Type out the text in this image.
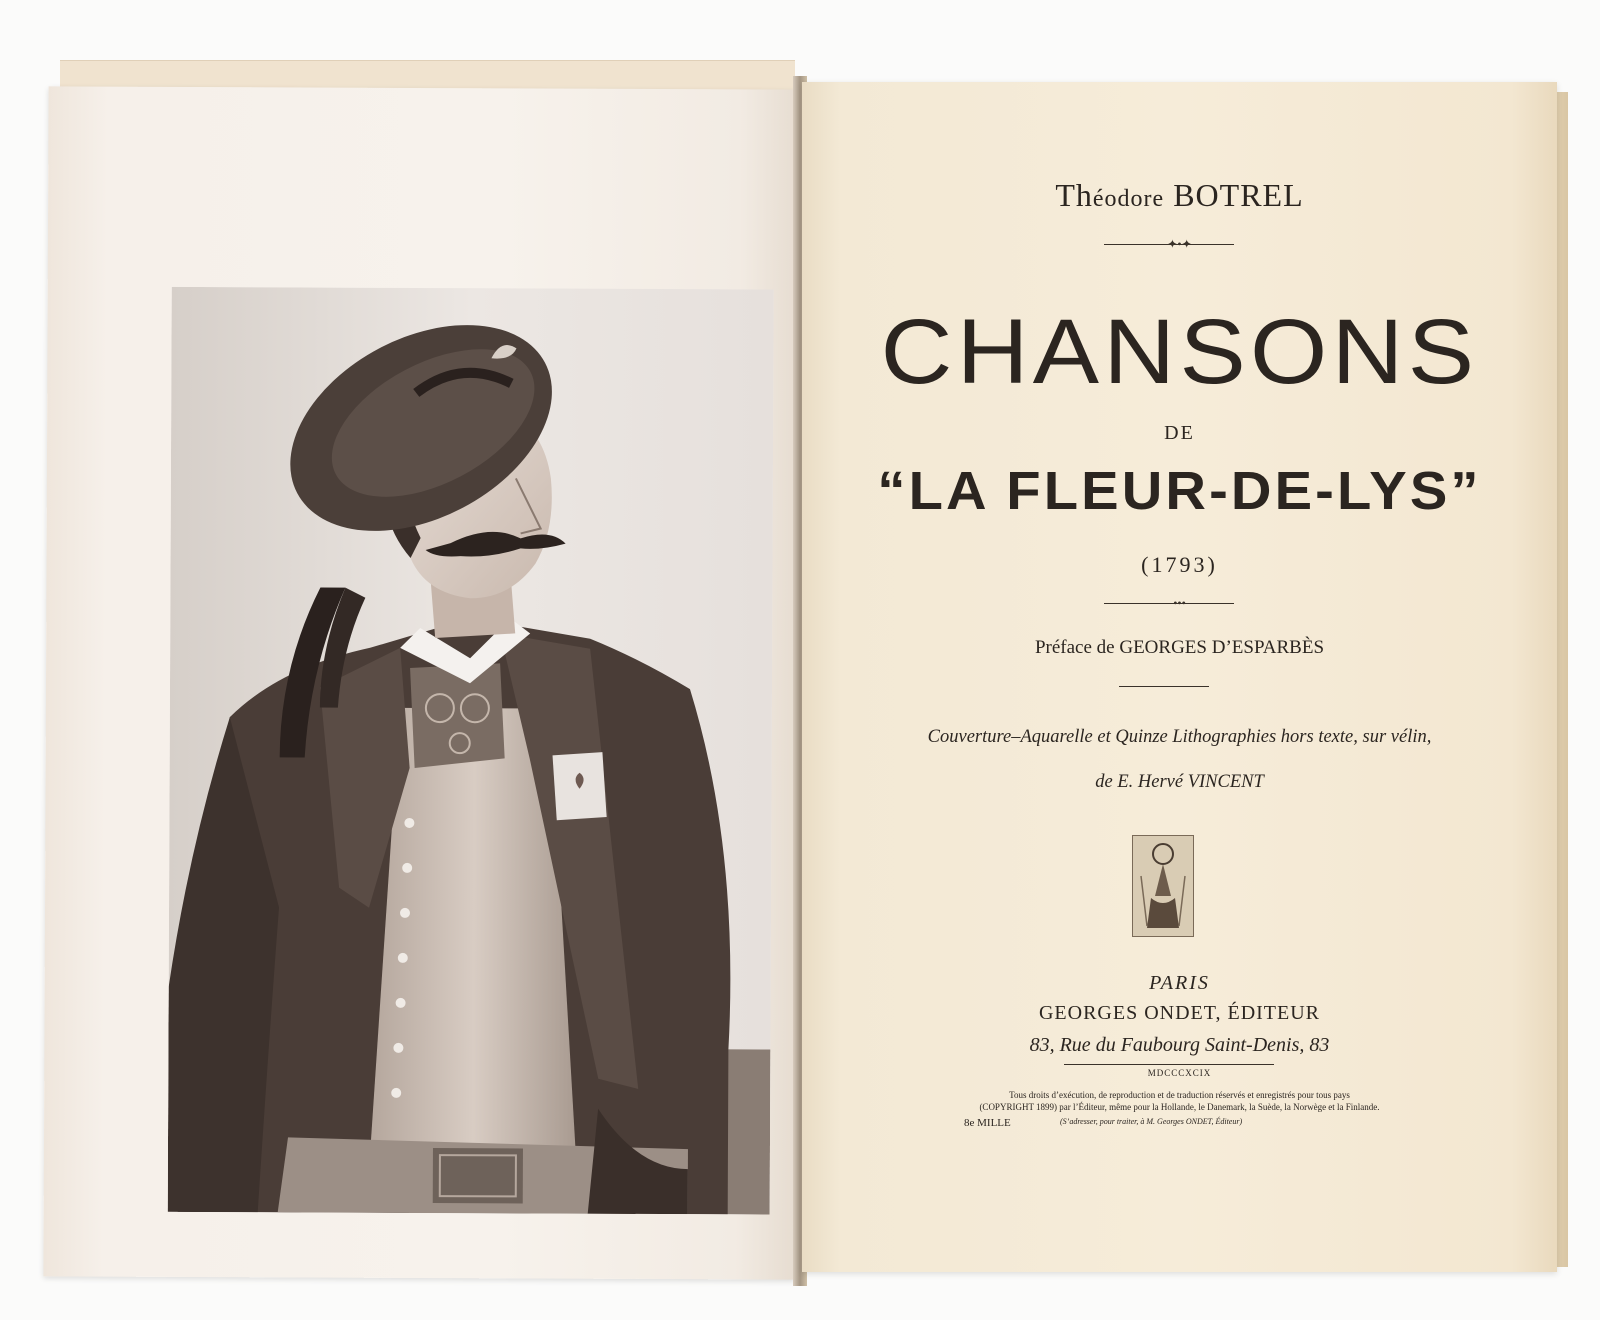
Théodore BOTREL

✦•✦
CHANSONS

DE

“LA FLEUR-DE-LYS”

(1793)

•••

Préface de GEORGES D’ESPARBÈS

Couverture–Aquarelle et Quinze Lithographies hors texte, sur vélin,

de E. Hervé VINCENT

PARIS

GEORGES ONDET, ÉDITEUR

83, Rue du Faubourg Saint-Denis, 83

MDCCCXCIX

Tous droits d’exécution, de reproduction et de traduction réservés et enregistrés pour tous pays
(COPYRIGHT 1899) par l’Éditeur, même pour la Hollande, le Danemark, la Suède, la Norwège et la Finlande.

8e MILLE	(S’adresser, pour traiter, à M. Georges ONDET, Éditeur)
